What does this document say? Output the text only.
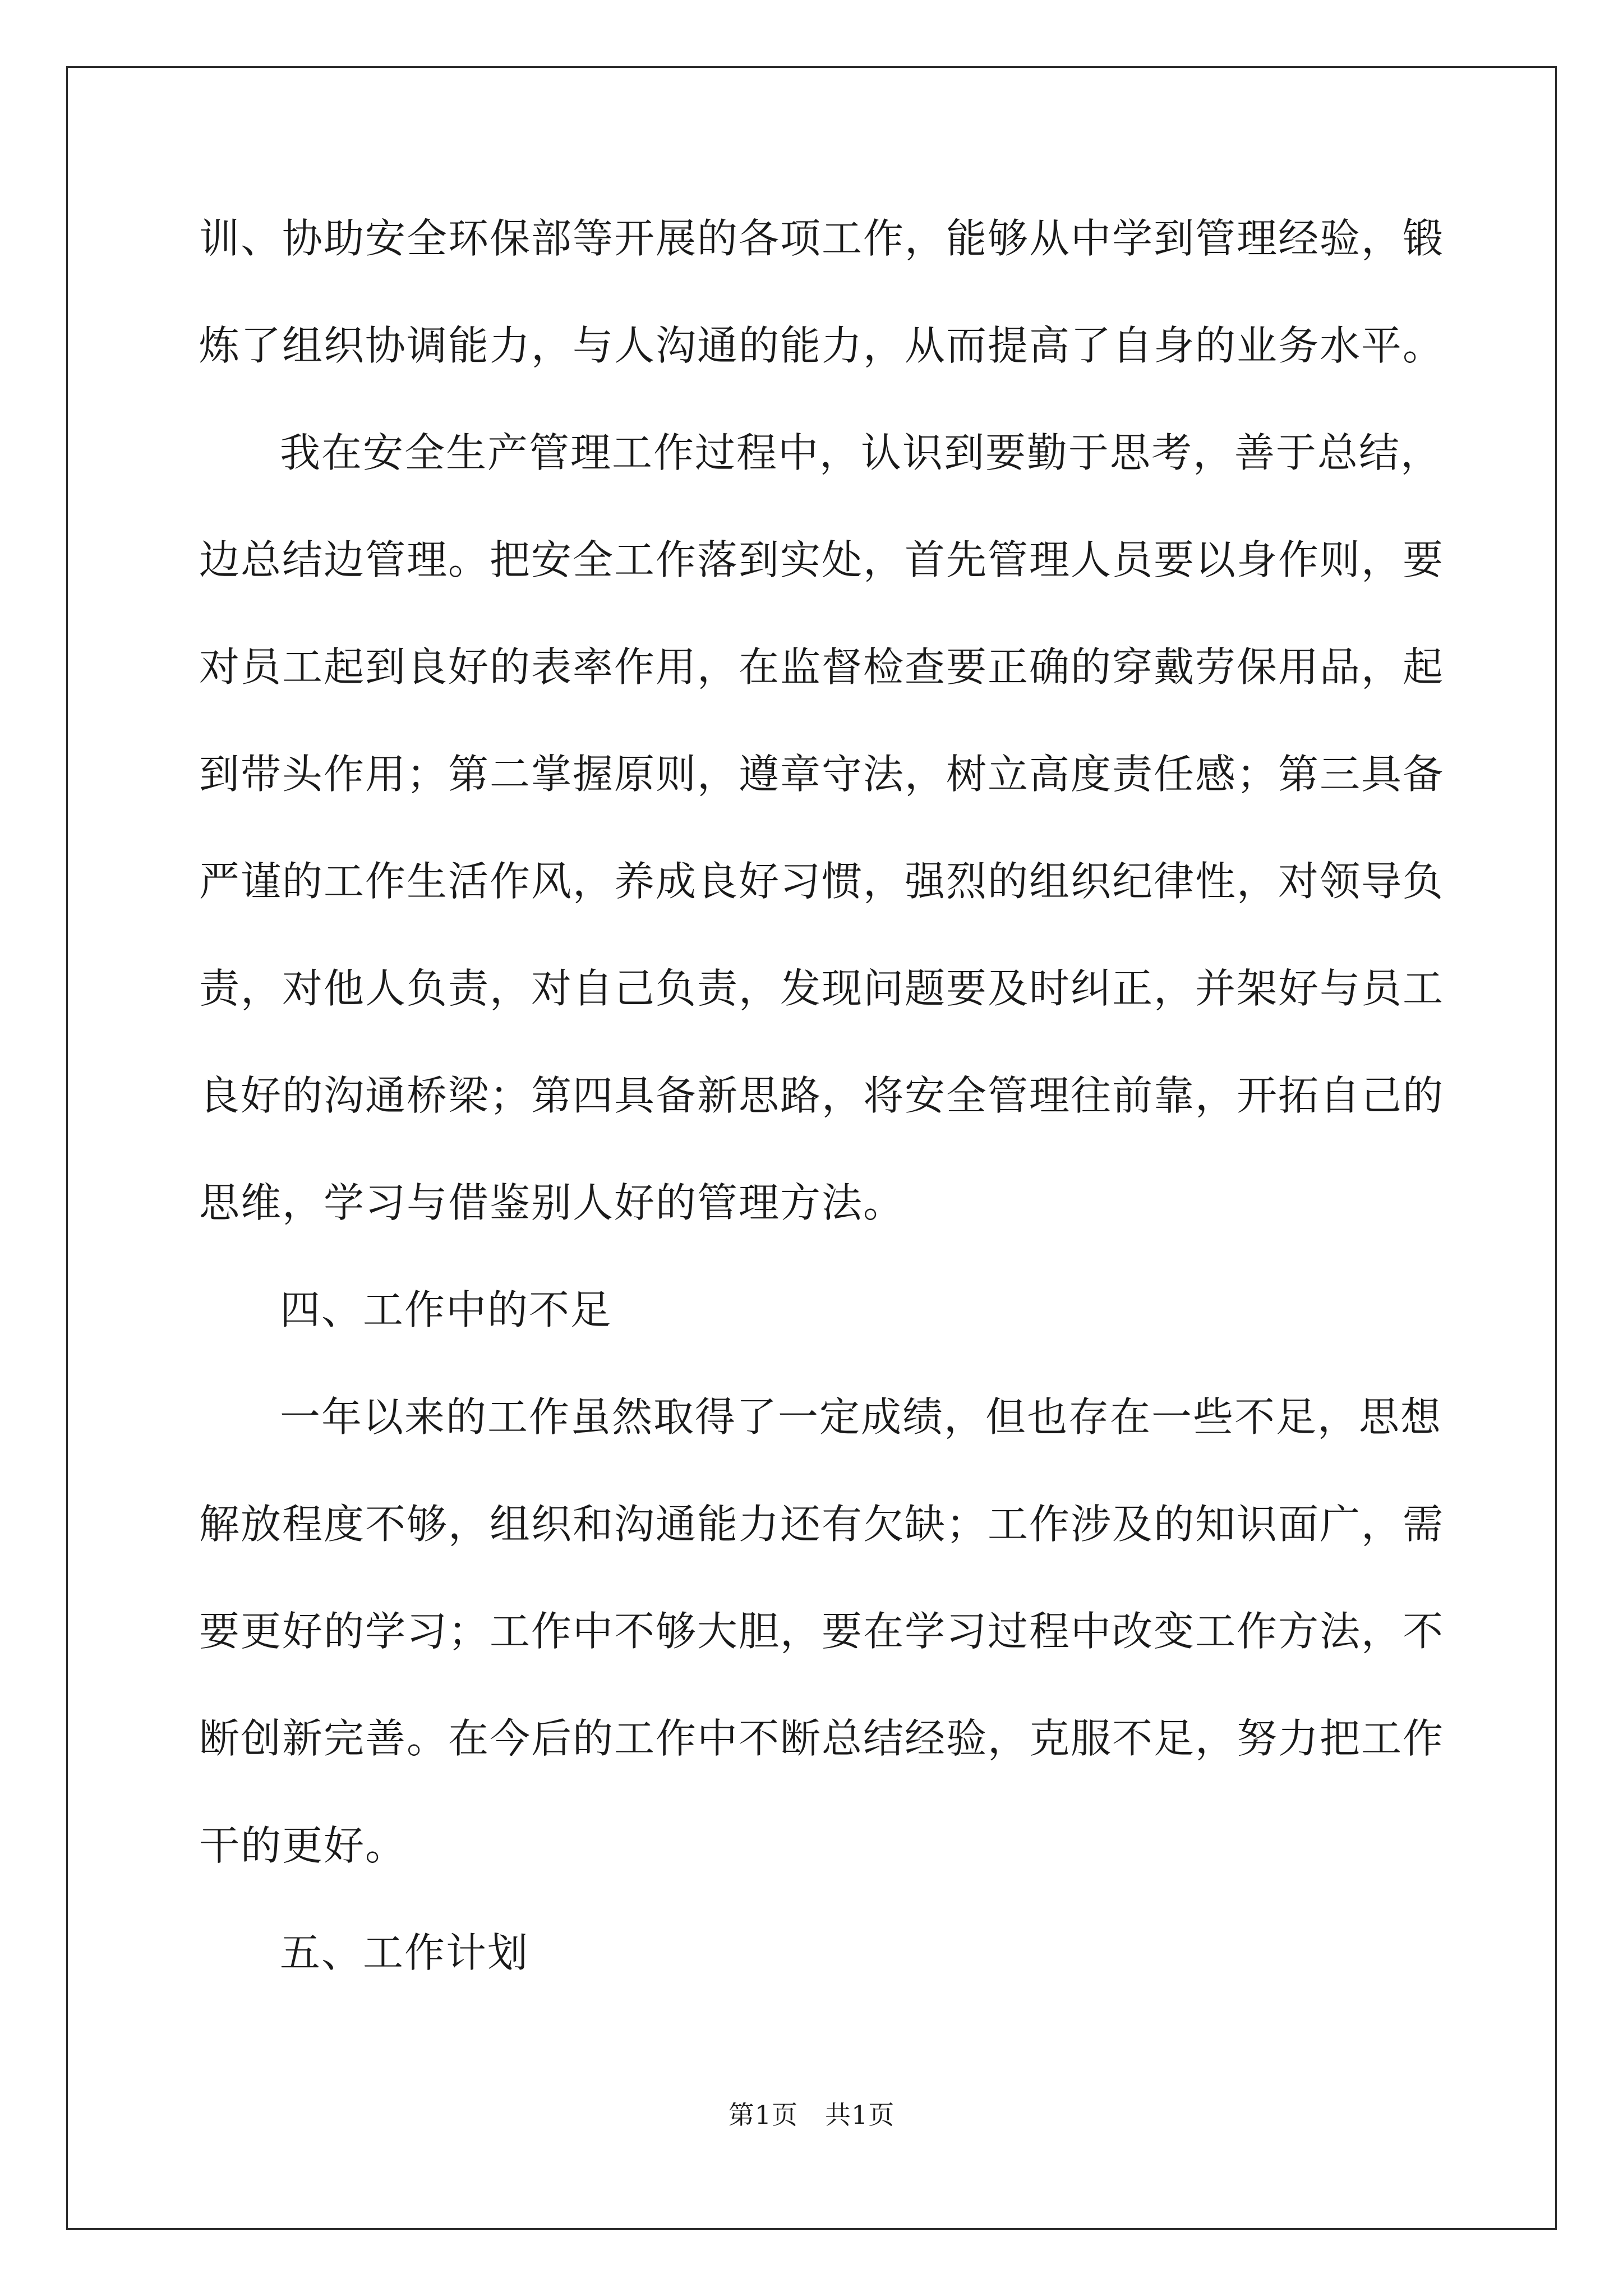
训、协助安全环保部等开展的各项工作，能够从中学到管理经验，锻
炼了组织协调能力，与人沟通的能力，从而提高了自身的业务水平。
我在安全生产管理工作过程中，认识到要勤于思考，善于总结，
边总结边管理。把安全工作落到实处，首先管理人员要以身作则，要
对员工起到良好的表率作用，在监督检查要正确的穿戴劳保用品，起
到带头作用；第二掌握原则，遵章守法，树立高度责任感；第三具备
严谨的工作生活作风，养成良好习惯，强烈的组织纪律性，对领导负
责，对他人负责，对自己负责，发现问题要及时纠正，并架好与员工
良好的沟通桥梁；第四具备新思路，将安全管理往前靠，开拓自己的
思维，学习与借鉴别人好的管理方法。
四、工作中的不足
一年以来的工作虽然取得了一定成绩，但也存在一些不足，思想
解放程度不够，组织和沟通能力还有欠缺；工作涉及的知识面广，需
要更好的学习；工作中不够大胆，要在学习过程中改变工作方法，不
断创新完善。在今后的工作中不断总结经验，克服不足，努力把工作
干的更好。
五、工作计划
第1页 共1页
